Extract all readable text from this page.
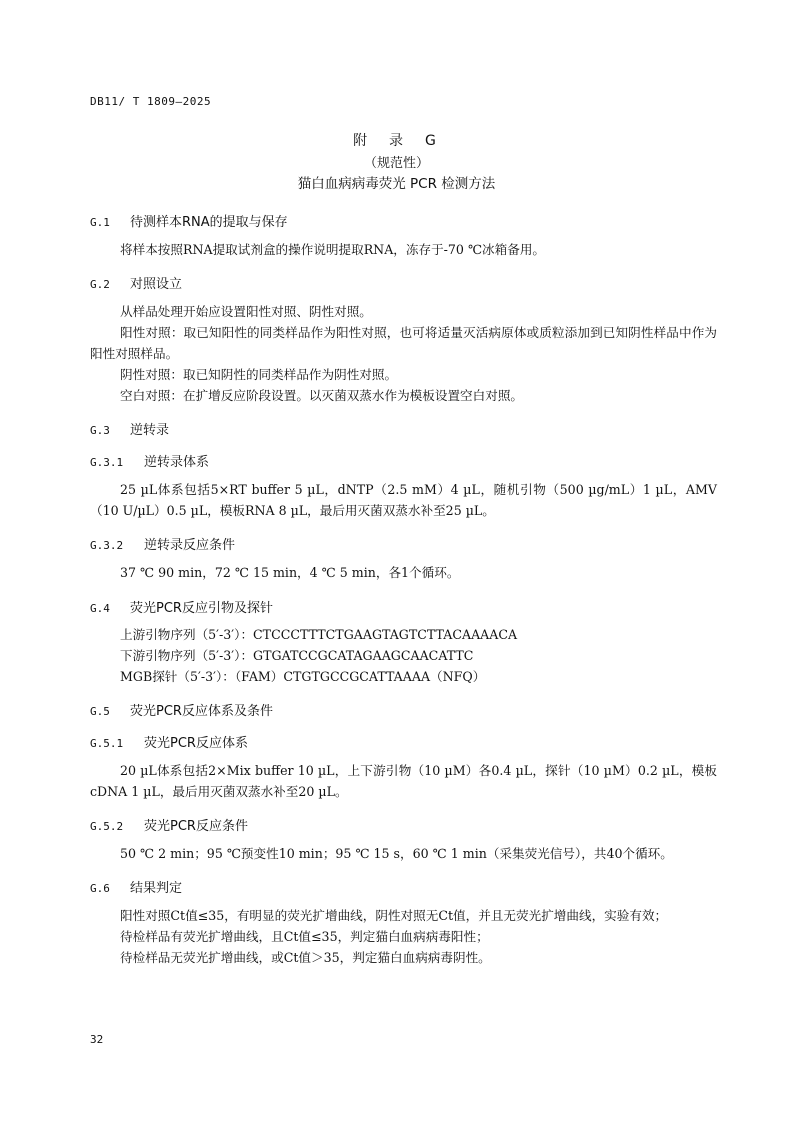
DB11/ T 1809—2025
附　录　G
（规范性）
猫白血病病毒荧光 PCR 检测方法
G.1 待测样本RNA的提取与保存
将样本按照RNA提取试剂盒的操作说明提取RNA，冻存于-70 ℃冰箱备用。
G.2 对照设立
从样品处理开始应设置阳性对照、阴性对照。
阳性对照：取已知阳性的同类样品作为阳性对照，也可将适量灭活病原体或质粒添加到已知阴性样品中作为阳性对照样品。
阴性对照：取已知阴性的同类样品作为阴性对照。
空白对照：在扩增反应阶段设置。以灭菌双蒸水作为模板设置空白对照。
G.3 逆转录
G.3.1 逆转录体系
25 µL体系包括5×RT buffer 5 µL，dNTP（2.5 mM）4 µL，随机引物（500 µg/mL）1 µL，AMV（10 U/µL）0.5 µL，模板RNA 8 µL，最后用灭菌双蒸水补至25 µL。
G.3.2 逆转录反应条件
37 ℃ 90 min，72 ℃ 15 min，4 ℃ 5 min，各1个循环。
G.4 荧光PCR反应引物及探针
上游引物序列（5′-3′）：CTCCCTTTCTGAAGTAGTCTTACAAAACA
下游引物序列（5′-3′）：GTGATCCGCATAGAAGCAACATTC
MGB探针（5′-3′）：（FAM）CTGTGCCGCATTAAAA（NFQ）
G.5 荧光PCR反应体系及条件
G.5.1 荧光PCR反应体系
20 µL体系包括2×Mix buffer 10 µL，上下游引物（10 µM）各0.4 µL，探针（10 µM）0.2 µL，模板cDNA 1 µL，最后用灭菌双蒸水补至20 µL。
G.5.2 荧光PCR反应条件
50 ℃ 2 min；95 ℃预变性10 min；95 ℃ 15 s，60 ℃ 1 min（采集荧光信号），共40个循环。
G.6 结果判定
阳性对照Ct值≤35，有明显的荧光扩增曲线，阴性对照无Ct值，并且无荧光扩增曲线，实验有效；
待检样品有荧光扩增曲线，且Ct值≤35，判定猫白血病病毒阳性；
待检样品无荧光扩增曲线，或Ct值＞35，判定猫白血病病毒阴性。
32
